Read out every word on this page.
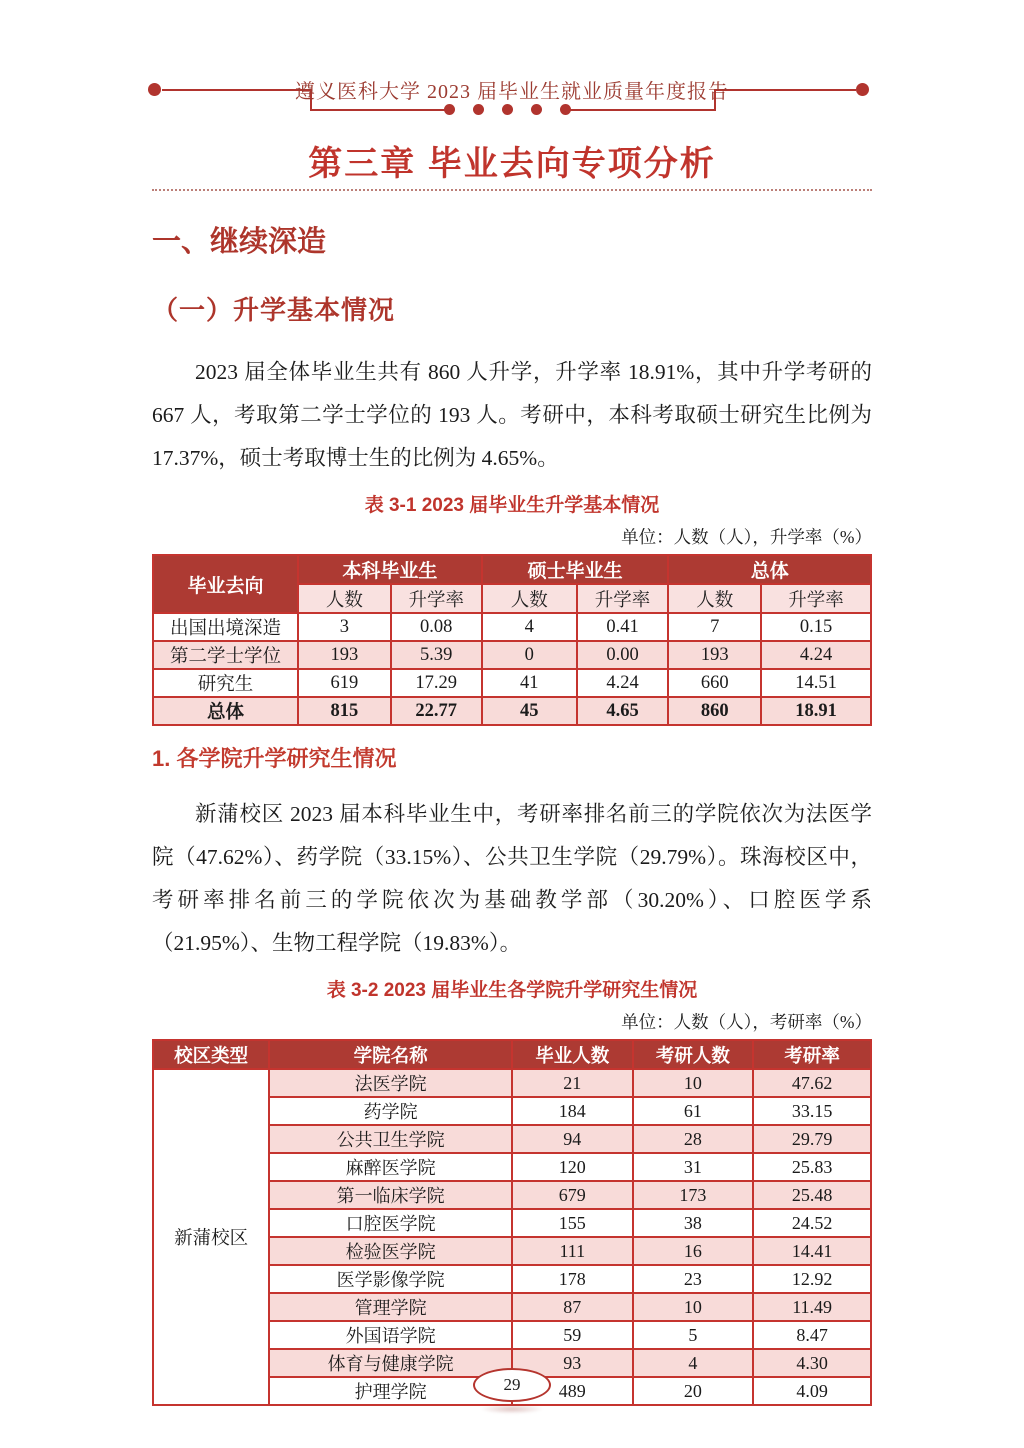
遵义医科大学 2023 届毕业生就业质量年度报告
第三章 毕业去向专项分析
一、继续深造
（一）升学基本情况

2023 届全体毕业生共有 860 人升学，升学率 18.91%，其中升学考研的 667 人，考取第二学士学位的 193 人。考研中，本科考取硕士研究生比例为 17.37%，硕士考取博士生的比例为 4.65%。

表 3-1 2023 届毕业生升学基本情况
单位：人数（人），升学率（%）
毕业去向	本科毕业生		硕士毕业生		总体	
	人数	升学率	人数	升学率	人数	升学率
出国出境深造	3	0.08	4	0.41	7	0.15
第二学士学位	193	5.39	0	0.00	193	4.24
研究生	619	17.29	41	4.24	660	14.51
总体	815	22.77	45	4.65	860	18.91
1. 各学院升学研究生情况

新蒲校区 2023 届本科毕业生中，考研率排名前三的学院依次为法医学院（47.62%）、药学院（33.15%）、公共卫生学院（29.79%）。珠海校区中，考研率排名前三的学院依次为基础教学部（30.20%）、口腔医学系（21.95%）、生物工程学院（19.83%）。

表 3-2 2023 届毕业生各学院升学研究生情况
单位：人数（人），考研率（%）
校区类型	学院名称	毕业人数	考研人数	考研率
新蒲校区	法医学院	21	10	47.62
	药学院	184	61	33.15
	公共卫生学院	94	28	29.79
	麻醉医学院	120	31	25.83
	第一临床学院	679	173	25.48
	口腔医学院	155	38	24.52
	检验医学院	111	16	14.41
	医学影像学院	178	23	12.92
	管理学院	87	10	11.49
	外国语学院	59	5	8.47
	体育与健康学院	93	4	4.30
	护理学院	489	20	4.09
29
